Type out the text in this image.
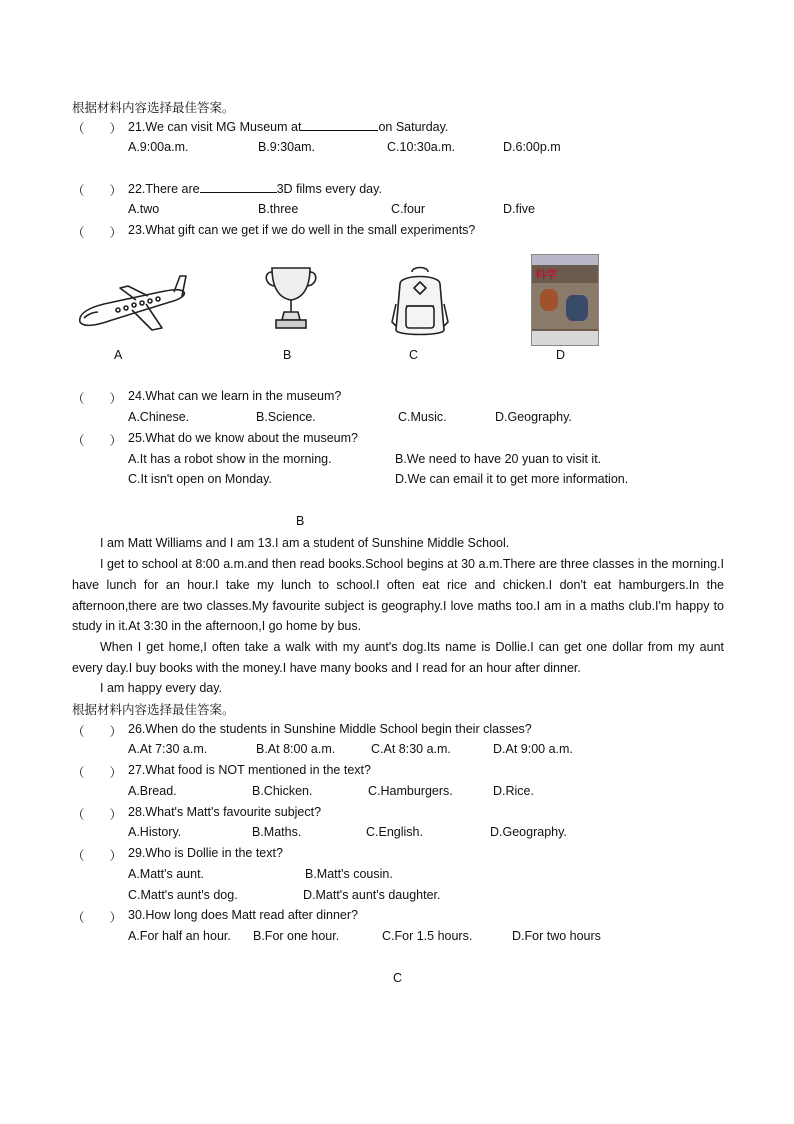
根据材料内容选择最佳答案。
（　　） 21.We can visit MG Museum at	on Saturday.
A.9:00a.m.	B.9:30am.	C.10:30a.m.	D.6:00p.m
（　　） 22.There are	3D films every day.
A.two	B.three	C.four	D.five
（　　） 23.What gift can we get if we do well in the small experiments?
科学
A	B	C	D
（　　） 24.What can we learn in the museum?
A.Chinese.	B.Science.	C.Music.	D.Geography.
（　　） 25.What do we know about the museum?
A.It has a robot show in the morning.	B.We need to have 20 yuan to visit it.
C.It isn't open on Monday.	D.We can email it to get more information.
B
I am Matt Williams and I am 13.I am a student of Sunshine Middle School.
I get to school at 8:00 a.m.and then read books.School begins at 30 a.m.There are three classes in the morning.I have lunch for an hour.I take my lunch to school.I often eat rice and chicken.I don't eat hamburgers.In the afternoon,there are two classes.My favourite subject is geography.I love maths too.I am in a maths club.I'm happy to study in it.At 3:30 in the afternoon,I go home by bus.
When I get home,I often take a walk with my aunt's dog.Its name is Dollie.I can get one dollar from my aunt every day.I buy books with the money.I have many books and I read for an hour after dinner.
I am happy every day.
根据材料内容选择最佳答案。
（　　） 26.When do the students in Sunshine Middle School begin their classes?
A.At 7:30 a.m.	B.At 8:00 a.m.	C.At 8:30 a.m.	D.At 9:00 a.m.
（　　） 27.What food is NOT mentioned in the text?
A.Bread.	B.Chicken.	C.Hamburgers.	D.Rice.
（　　） 28.What's Matt's favourite subject?
A.History.	B.Maths.	C.English.	D.Geography.
（　　） 29.Who is Dollie in the text?
A.Matt's aunt.	B.Matt's cousin.
C.Matt's aunt's dog.	D.Matt's aunt's daughter.
（　　） 30.How long does Matt read after dinner?
A.For half an hour. B.For one hour.	C.For 1.5 hours.	D.For two hours
C
